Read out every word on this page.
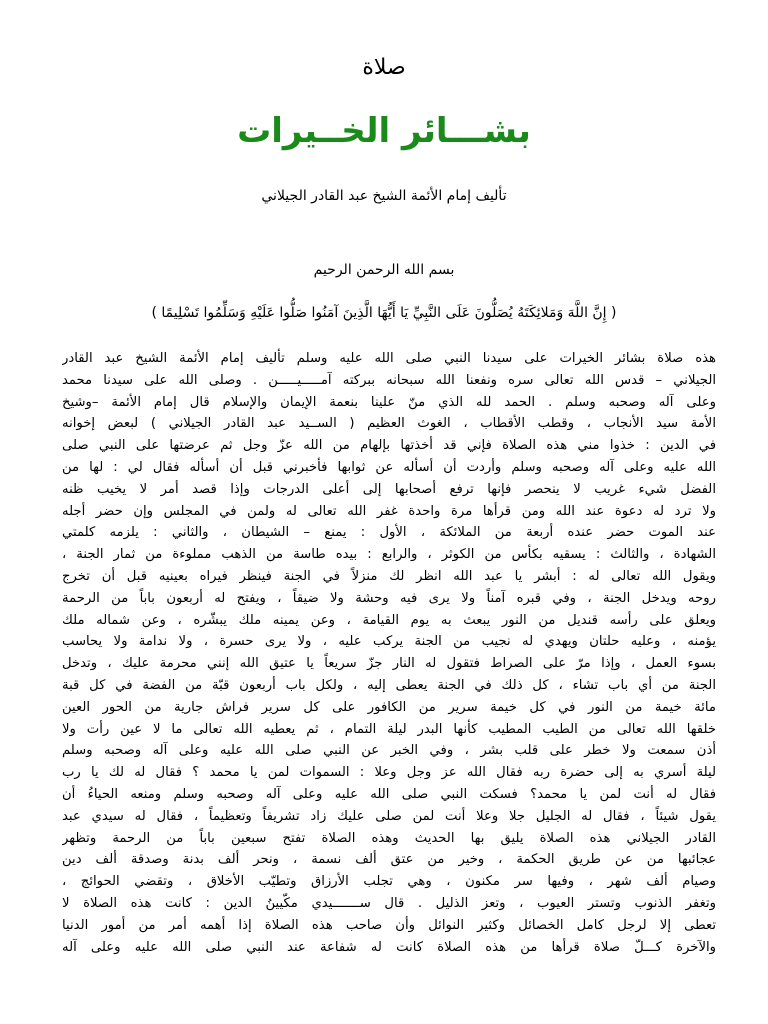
صلاة
بشـــائر الخــيرات
تأليف إمام الأئمة الشيخ عبد القادر الجيلاني
بسم الله الرحمن الرحيم
( إِنَّ اللَّهَ وَمَلائِكَتَهُ يُصَلُّونَ عَلَى النَّبِيِّ يَا أَيُّهَا الَّذِينَ آمَنُوا صَلُّوا عَلَيْهِ وَسَلِّمُوا تَسْلِيمًا )
هذه صلاة بشائر الخيرات على سيدنا النبي صلى الله عليه وسلم تأليف إمام الأئمة الشيخ عبد القادر
الجيلاني – قدس الله تعالى سره ونفعنا الله سبحانه ببركته آمـــــيـــــن . وصلى الله على سيدنا محمد
وعلى آله وصحبه وسلم . الحمد لله الذي منّ علينا بنعمة الإيمان والإسلام قال إمام الأئمة –وشيخ
الأمة سيد الأنجاب ، وقطب الأقطاب ، الغوث العظيم ( الســيد عبد القادر الجيلاني ) لبعض إخوانه
في الدين : خذوا مني هذه الصلاة فإني قد أخذتها بإلهام من الله عزّ وجل ثم عرضتها على النبي صلى
الله عليه وعلى آله وصحبه وسلم وأردت أن أسأله عن ثوابها فأخبرني قبل أن أسأله فقال لي : لها من
الفضل شيء غريب لا ينحصر فإنها ترفع أصحابها إلى أعلى الدرجات وإذا قصد أمر لا يخيب ظنه
ولا ترد له دعوة عند الله ومن قرأها مرة واحدة غفر الله تعالى له ولمن في المجلس وإن حضر أجله
عند الموت حضر عنده أربعة من الملائكة ، الأول : يمنع – الشيطان ، والثاني : يلزمه كلمتي
الشهادة ، والثالث : يسقيه بكأس من الكوثر ، والرابع : بيده طاسة من الذهب مملوءة من ثمار الجنة ،
ويقول الله تعالى له : أبشر يا عبد الله انظر لك منزلاً في الجنة فينظر فيراه بعينيه قبل أن تخرج
روحه ويدخل الجنة ، وفي قبره آمناً ولا يرى فيه وحشة ولا ضيقاً ، ويفتح له أربعون باباً من الرحمة
ويعلق على رأسه قنديل من النور يبعث به يوم القيامة ، وعن يمينه ملك يبشّره ، وعن شماله ملك
يؤمنه ، وعليه حلتان ويهدي له نجيب من الجنة يركب عليه ، ولا يرى حسرة ، ولا ندامة ولا يحاسب
بسوء العمل ، وإذا مرّ على الصراط فتقول له النار جزّ سريعاً يا عتيق الله إنني محرمة عليك ، وتدخل
الجنة من أي باب تشاء ، كل ذلك في الجنة يعطى إليه ، ولكل باب أربعون قبّة من الفضة في كل قبة
مائة خيمة من النور في كل خيمة سرير من الكافور على كل سرير فراش جارية من الحور العين
خلقها الله تعالى من الطيب المطيب كأنها البدر ليلة التمام ، ثم يعطيه الله تعالى ما لا عين رأت ولا
أذن سمعت ولا خطر على قلب بشر ، وفي الخبر عن النبي صلى الله عليه وعلى آله وصحبه وسلم
ليلة أسري به إلى حضرة ربه فقال الله عز وجل وعلا : السموات لمن يا محمد ؟ فقال له لك يا رب
فقال له أنت لمن يا محمد؟ فسكت النبي صلى الله عليه وعلى آله وصحبه وسلم ومنعه الحياءُ أن
يقول شيئاً ، فقال له الجليل جلا وعلا أنت لمن صلى عليك زاد تشريفاً وتعظيماً ، فقال له سيدي عبد
القادر الجيلاني هذه الصلاة يليق بها الحديث وهذه الصلاة تفتح سبعين باباً من الرحمة وتظهر
عجائبها من عن طريق الحكمة ، وخير من عتق ألف نسمة ، ونحر ألف بدنة وصدقة ألف دين
وصيام ألف شهر ، وفيها سر مكنون ، وهي تجلب الأرزاق وتطيّب الأخلاق ، وتقضي الحوائج ،
وتغفر الذنوب وتستر العيوب ، وتعز الذليل . قال ســـــــيدي مكّيينُ الدين : كانت هذه الصلاة لا
تعطى إلا لرجل كامل الخصائل وكثير النوائل وأن صاحب هذه الصلاة إذا أهمه أمر من أمور الدنيا
والآخرة كـــلّ صلاة قرأها من هذه الصلاة كانت له شفاعة عند النبي صلى الله عليه وعلى آله
